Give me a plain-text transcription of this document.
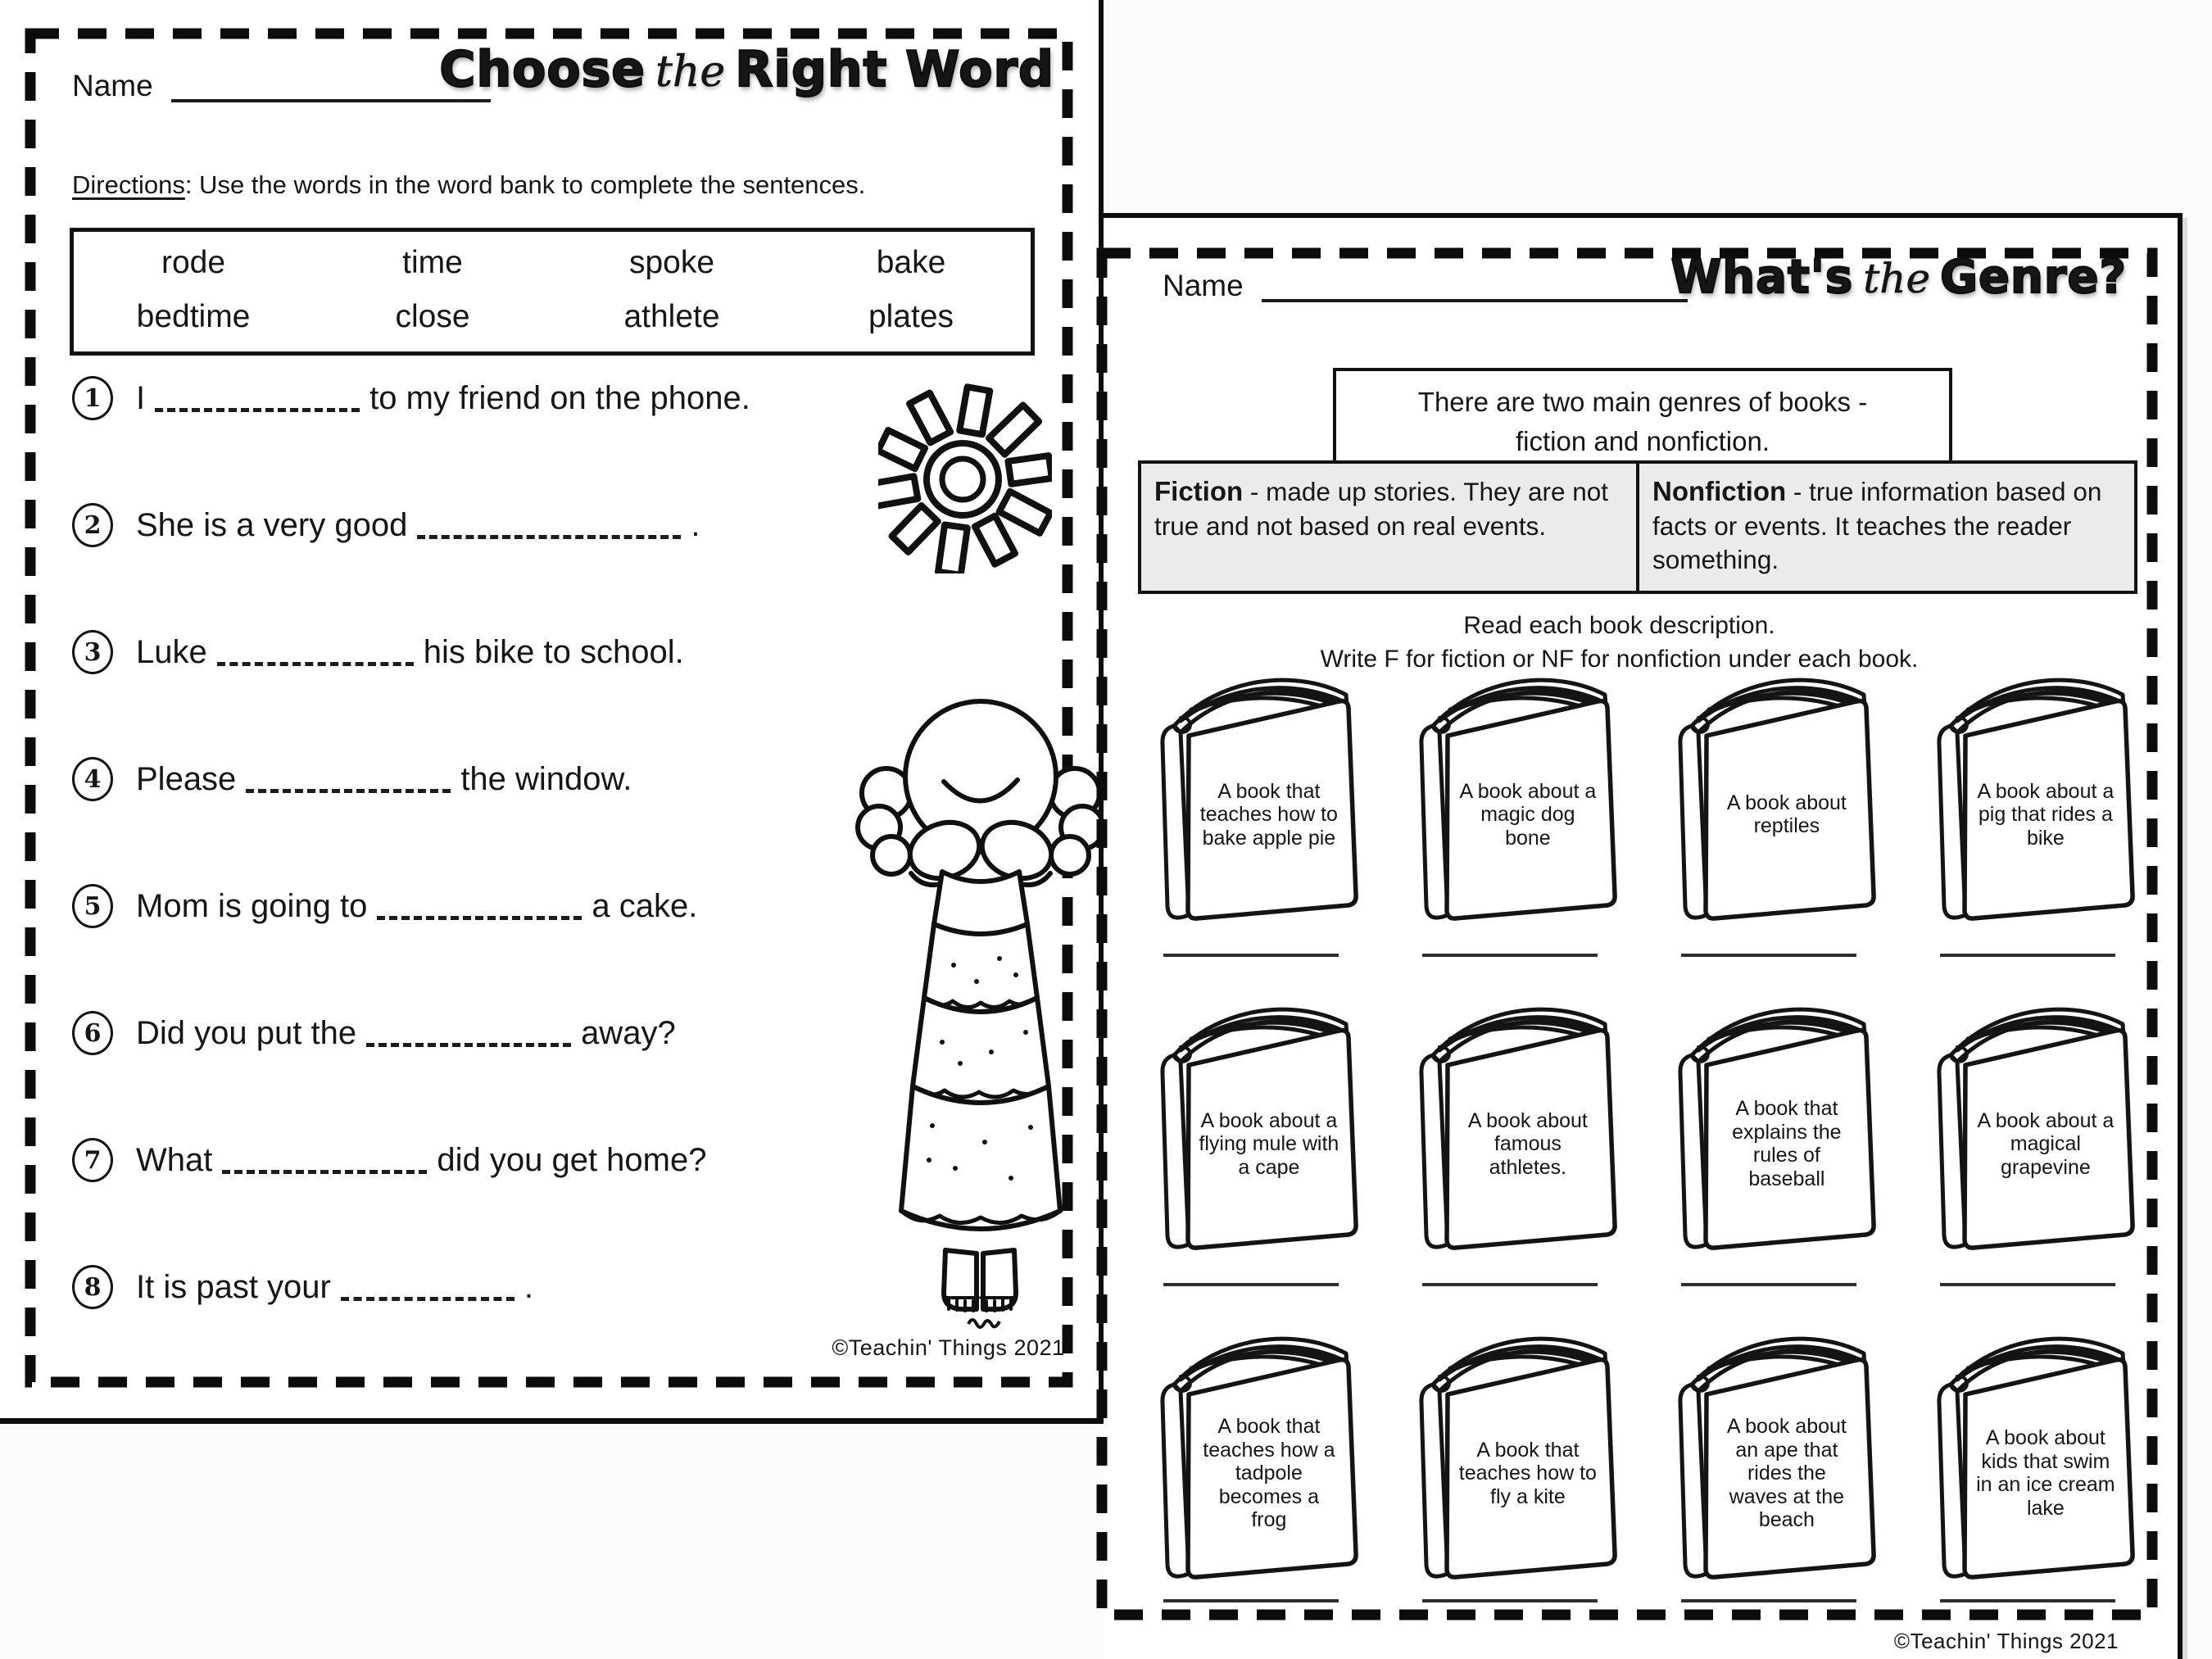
Name	Choose the Right Word
Directions: Use the words in the word bank to complete the sentences.
rode	time	spoke	bake
bedtime	close	athlete	plates
1	I	to my friend on the phone.
2	She is a very good	.
3	Luke	his bike to school.
4	Please	the window.
5	Mom is going to	a cake.
6	Did you put the	away?
7	What	did you get home?
8	It is past your	.
©Teachin' Things 2021
Name	What's the Genre?
There are two main genres of books -
fiction and nonfiction.
Fiction - made up stories. They are not true and not based on real events.
Nonfiction - true information based on facts or events. It teaches the reader something.
Read each book description.
Write F for fiction or NF for nonfiction under each book.
A book that teaches how to bake apple pie
A book about a magic dog bone
A book about reptiles
A book about a pig that rides a bike
A book about a flying mule with a cape
A book about famous athletes.
A book that explains the rules of baseball
A book about a magical grapevine
A book that teaches how a tadpole becomes a frog
A book that teaches how to fly a kite
A book about an ape that rides the waves at the beach
A book about kids that swim in an ice cream lake
©Teachin' Things 2021
